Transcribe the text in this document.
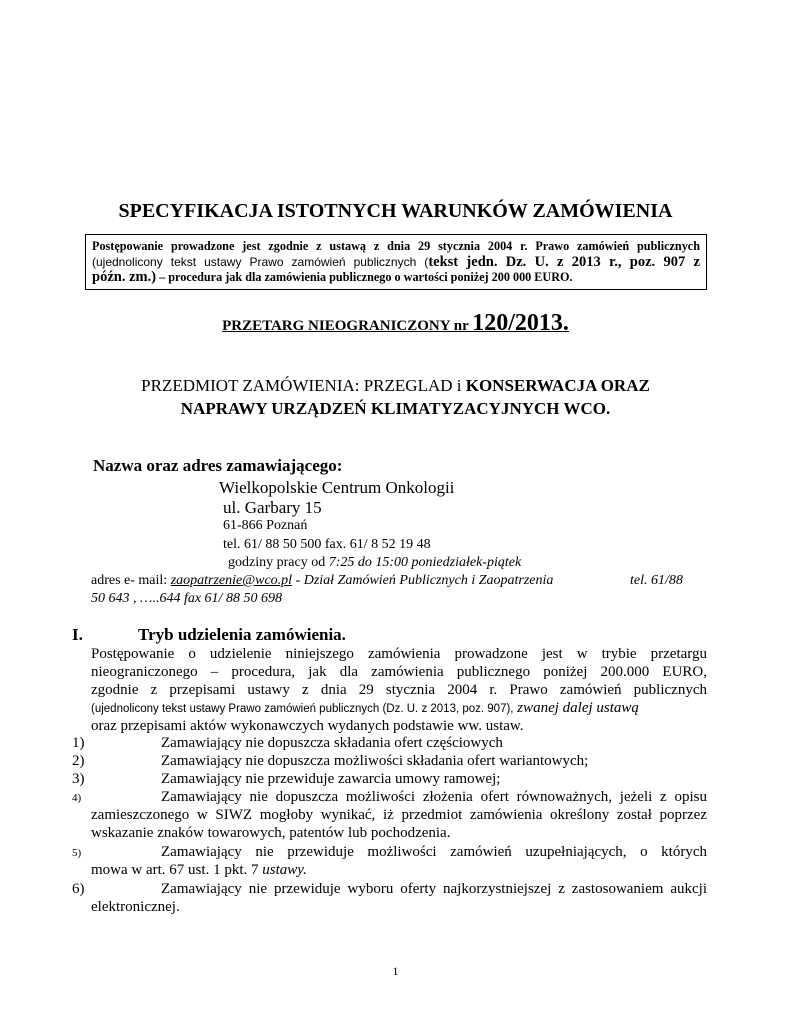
SPECYFIKACJA ISTOTNYCH WARUNKÓW ZAMÓWIENIA
Postępowanie prowadzone jest zgodnie z ustawą z dnia 29 stycznia 2004 r. Prawo zamówień publicznych
(ujednolicony tekst ustawy Prawo zamówień publicznych (tekst jedn. Dz. U. z 2013 r., poz. 907 z
późn. zm.) – procedura jak dla zamówienia publicznego o wartości poniżej 200 000 EURO.
PRZETARG NIEOGRANICZONY nr 120/2013.
PRZEDMIOT ZAMÓWIENIA: PRZEGLAD i KONSERWACJA ORAZ
NAPRAWY URZĄDZEŃ KLIMATYZACYJNYCH WCO.
Nazwa oraz adres zamawiającego:
Wielkopolskie Centrum Onkologii
ul. Garbary 15
61-866 Poznań
tel. 61/ 88 50 500 fax. 61/ 8 52 19 48
godziny pracy od 7:25 do 15:00 poniedziałek-piątek
adres e- mail: zaopatrzenie@wco.pl - Dział Zamówień Publicznych i Zaopatrzenia	tel. 61/88
50 643 , …..644 fax 61/ 88 50 698
I.	Tryb udzielenia zamówienia.
Postępowanie o udzielenie niniejszego zamówienia prowadzone jest w trybie przetargu
nieograniczonego – procedura, jak dla zamówienia publicznego poniżej 200.000 EURO,
zgodnie z przepisami ustawy z dnia 29 stycznia 2004 r. Prawo zamówień publicznych
(ujednolicony tekst ustawy Prawo zamówień publicznych (Dz. U. z 2013, poz. 907), zwanej dalej ustawą
oraz przepisami aktów wykonawczych wydanych podstawie ww. ustaw.
1)	Zamawiający nie dopuszcza składania ofert częściowych
2)	Zamawiający nie dopuszcza możliwości składania ofert wariantowych;
3)	Zamawiający nie przewiduje zawarcia umowy ramowej;
4)	Zamawiający nie dopuszcza możliwości złożenia ofert równoważnych, jeżeli z opisu
zamieszczonego w SIWZ mogłoby wynikać, iż przedmiot zamówienia określony został poprzez
wskazanie znaków towarowych, patentów lub pochodzenia.
5)	Zamawiający nie przewiduje możliwości zamówień uzupełniających, o których
mowa w art. 67 ust. 1 pkt. 7 ustawy.
6)	Zamawiający nie przewiduje wyboru oferty najkorzystniejszej z zastosowaniem aukcji
elektronicznej.
1
